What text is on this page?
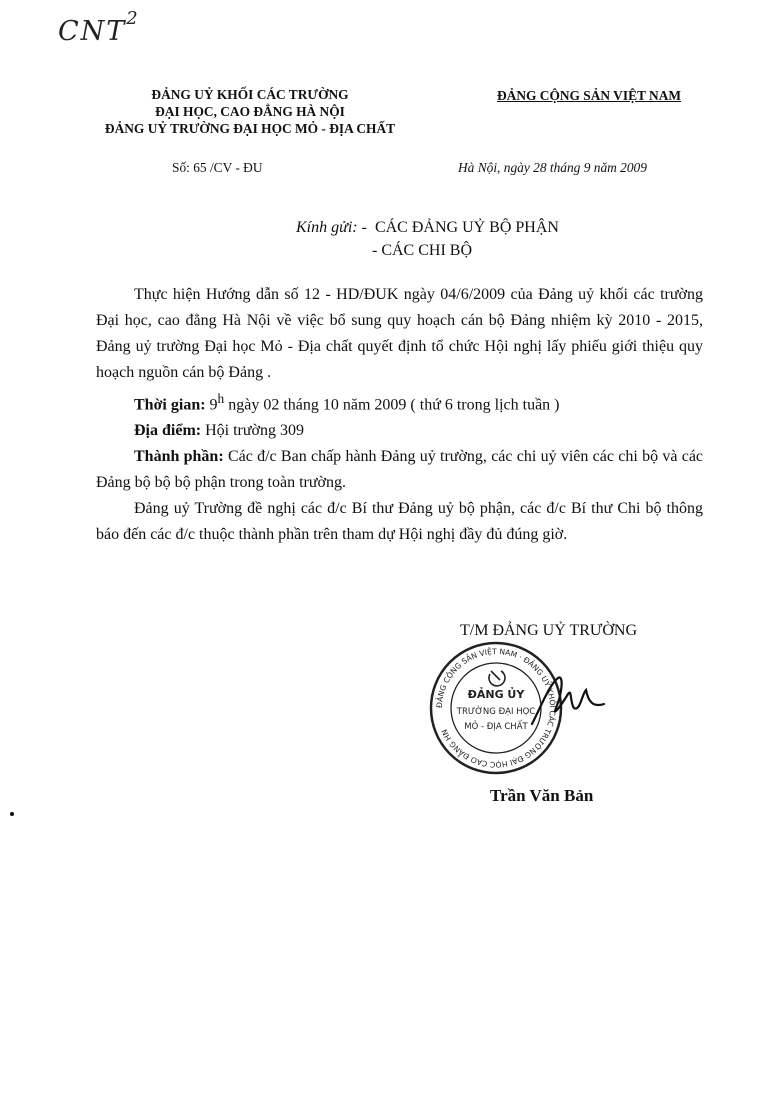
CNT$^2$
ĐẢNG UỶ KHỐI CÁC TRƯỜNG
ĐẠI HỌC, CAO ĐẲNG HÀ NỘI
ĐẢNG UỶ TRƯỜNG ĐẠI HỌC MỎ - ĐỊA CHẤT
ĐẢNG CỘNG SẢN VIỆT NAM
Số: 65 /CV - ĐU	Hà Nội, ngày 28 tháng 9 năm 2009
Kính gửi: - CÁC ĐẢNG UỶ BỘ PHẬN
- CÁC CHI BỘ

Thực hiện Hướng dẫn số 12 - HD/ĐUK ngày 04/6/2009 của Đảng uỷ khối các trường Đại học, cao đẳng Hà Nội về việc bổ sung quy hoạch cán bộ Đảng nhiệm kỳ 2010 - 2015, Đảng uỷ trường Đại học Mỏ - Địa chất quyết định tổ chức Hội nghị lấy phiếu giới thiệu quy hoạch nguồn cán bộ Đảng .

Thời gian: 9$^h$ ngày 02 tháng 10 năm 2009 ( thứ 6 trong lịch tuần )

Địa điểm: Hội trường 309

Thành phần: Các đ/c Ban chấp hành Đảng uỷ trường, các chi uỷ viên các chi bộ và các Đảng bộ bộ bộ phận trong toàn trường.

Đảng uỷ Trường đề nghị các đ/c Bí thư Đảng uỷ bộ phận, các đ/c Bí thư Chi bộ thông báo đến các đ/c thuộc thành phần trên tham dự Hội nghị đầy đủ đúng giờ.

T/M ĐẢNG UỶ TRƯỜNG
ĐẢNG CỘNG SẢN VIỆT NAM · ĐẢNG UỶ KHỐI CÁC TRƯỜNG ĐẠI HỌC CAO ĐẲNG HN
ĐẢNG ỦY
TRƯỜNG ĐẠI HỌC
MỎ - ĐỊA CHẤT
Trần Văn Bản
